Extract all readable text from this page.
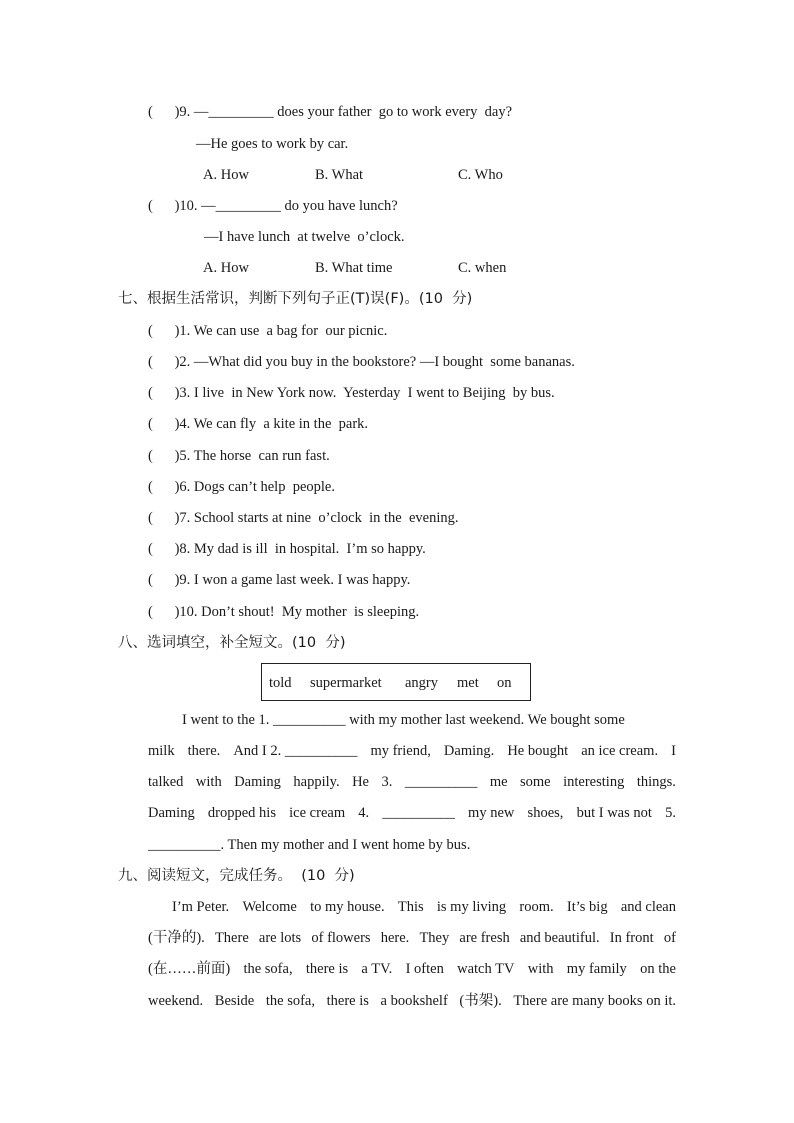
(      )9. —_________ does your father  go to work every  day?
—He goes to work by car.
A. How	B. What	C. Who
(      )10. —_________ do you have lunch?
—I have lunch  at twelve  o’clock.
A. How	B. What time	C. when
七、根据生活常识，判断下列句子正(T)误(F)。(10  分)
(      )1. We can use  a bag for  our picnic.
(      )2. —What did you buy in the bookstore? —I bought  some bananas.
(      )3. I live  in New York now.  Yesterday  I went to Beijing  by bus.
(      )4. We can fly  a kite in the  park.
(      )5. The horse  can run fast.
(      )6. Dogs can’t help  people.
(      )7. School starts at nine  o’clock  in the  evening.
(      )8. My dad is ill  in hospital.  I’m so happy.
(      )9. I won a game last week. I was happy.
(      )10. Don’t shout!  My mother  is sleeping.
八、选词填空，补全短文。(10  分)
told supermarket angry met on
I went to the 1. __________ with my mother last weekend. We bought some
milk there. And I 2. __________ my friend, Daming. He bought an ice cream. I
talked with Daming happily. He 3. __________ me some interesting things.
Daming dropped his ice cream 4. __________ my new shoes, but I was not 5.
__________. Then my mother and I went home by bus.
九、阅读短文，完成任务。  (10  分)
I’m Peter. Welcome to my house. This is my living room. It’s big and clean
(干净的). There are lots of flowers here. They are fresh and beautiful. In front of
(在……前面) the sofa, there is a TV. I often watch TV with my family on the
weekend. Beside the sofa, there is a bookshelf (书架). There are many books on it.
